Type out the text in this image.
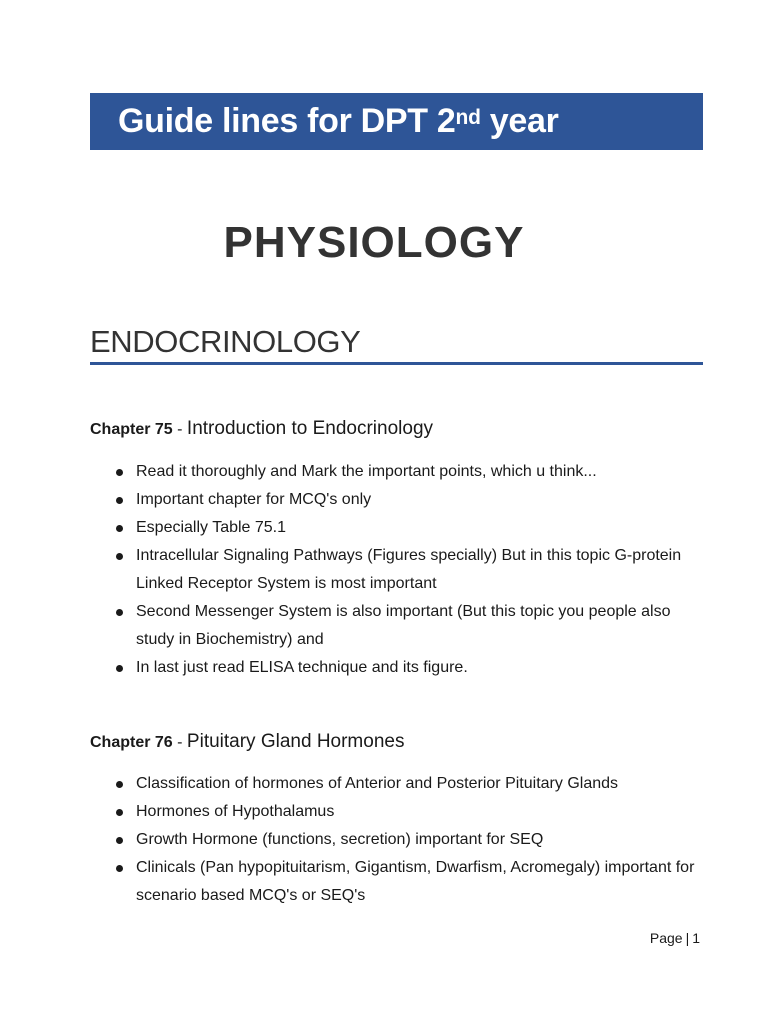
Guide lines for DPT 2nd year
PHYSIOLOGY
ENDOCRINOLOGY
Chapter 75 - Introduction to Endocrinology
Read it thoroughly and Mark the important points, which u think...
Important chapter for MCQ's only
Especially Table 75.1
Intracellular Signaling Pathways (Figures specially) But in this topic G-protein Linked Receptor System is most important
Second Messenger System is also important (But this topic you people also study in Biochemistry) and
In last just read ELISA technique and its figure.
Chapter 76 - Pituitary Gland Hormones
Classification of hormones of Anterior and Posterior Pituitary Glands
Hormones of Hypothalamus
Growth Hormone (functions, secretion) important for SEQ
Clinicals (Pan hypopituitarism, Gigantism, Dwarfism, Acromegaly) important for scenario based MCQ's or SEQ's
Page | 1
